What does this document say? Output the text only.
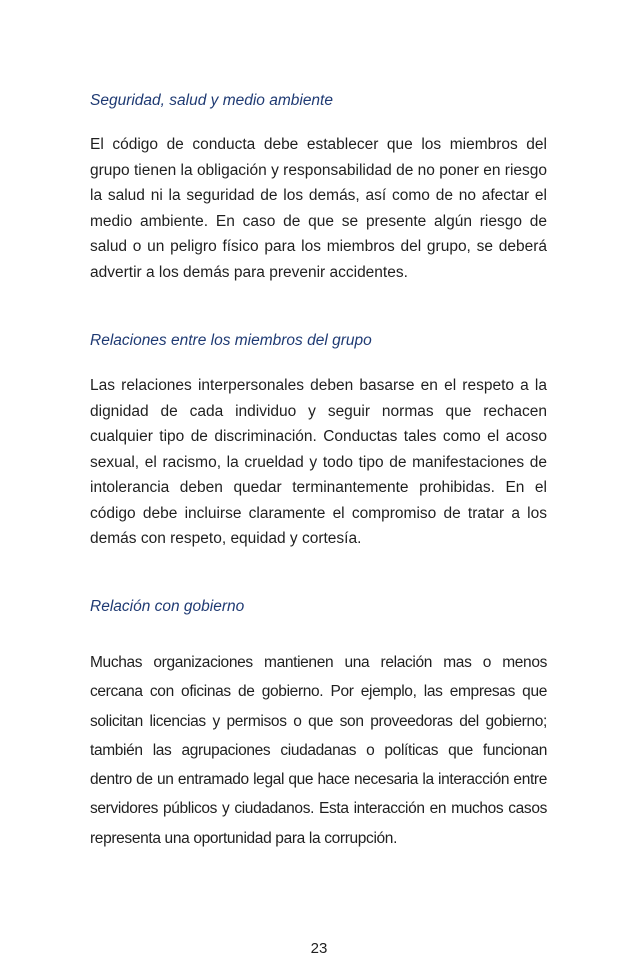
Seguridad, salud y medio ambiente

El código de conducta debe establecer que los miembros del grupo tienen la obligación y responsabilidad de no poner en riesgo la salud ni la seguridad de los demás, así como de no afectar el medio ambiente. En caso de que se presente algún riesgo de salud o un peligro físico para los miembros del grupo, se deberá advertir a los demás para prevenir accidentes.

Relaciones entre los miembros del grupo

Las relaciones interpersonales deben basarse en el respeto a la dignidad de cada individuo y seguir normas que rechacen cualquier tipo de discriminación. Conductas tales como el acoso sexual, el racismo, la crueldad y todo tipo de manifestaciones de intolerancia deben quedar terminantemente prohibidas. En el código debe incluirse claramente el compromiso de tratar a los demás con respeto, equidad y cortesía.

Relación con gobierno

Muchas organizaciones mantienen una relación mas o menos cercana con oficinas de gobierno. Por ejemplo, las empresas que solicitan licencias y permisos o que son proveedoras del gobierno; también las agrupaciones ciudadanas o políticas que funcionan dentro de un entramado legal que hace necesaria la interacción entre servidores públicos y ciudadanos. Esta interacción en muchos casos representa una oportunidad para la corrupción.

23
